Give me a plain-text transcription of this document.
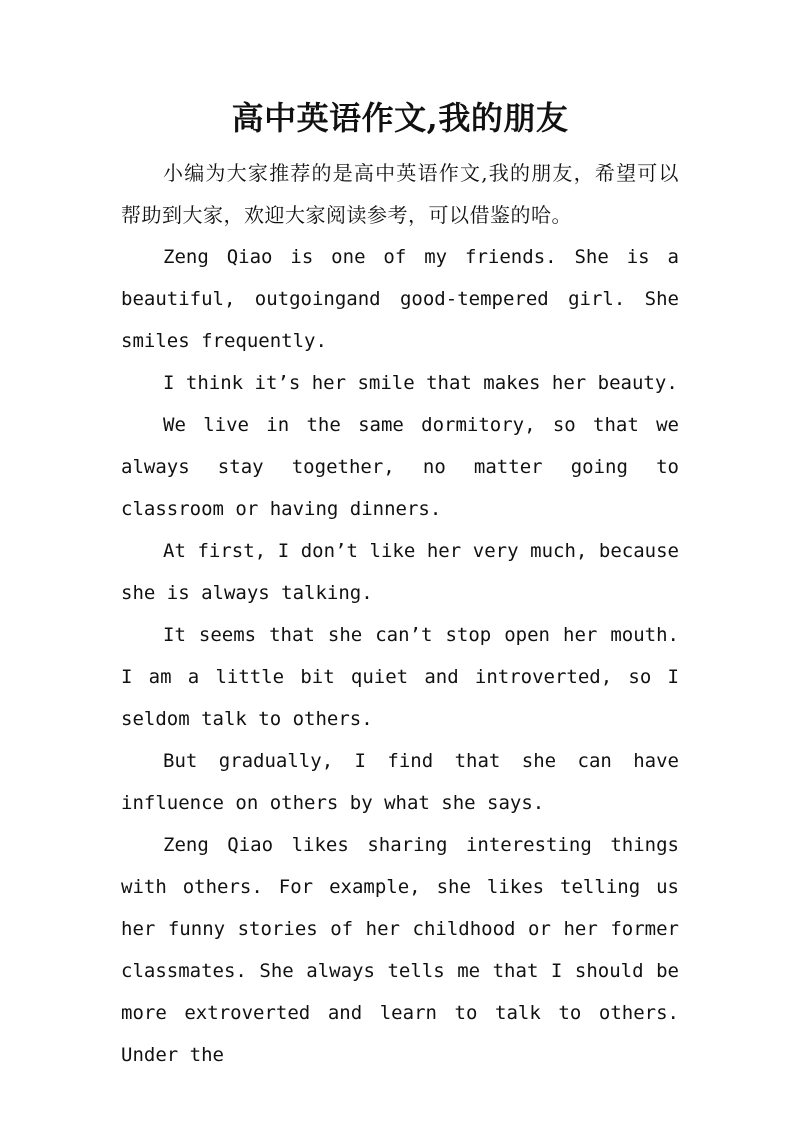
高中英语作文,我的朋友

小编为大家推荐的是高中英语作文,我的朋友，希望可以帮助到大家，欢迎大家阅读参考，可以借鉴的哈。

Zeng Qiao is one of my friends. She is a beautiful, outgoingand good-tempered girl. She smiles frequently.

I think it’s her smile that makes her beauty.

We live in the same dormitory, so that we always stay together, no matter going to classroom or having dinners.

At first, I don’t like her very much, because she is always talking.

It seems that she can’t stop open her mouth. I am a little bit quiet and introverted, so I seldom talk to others.

But gradually, I find that she can have influence on others by what she says.

Zeng Qiao likes sharing interesting things with others. For example, she likes telling us her funny stories of her childhood or her former classmates. She always tells me that I should be more extroverted and learn to talk to others. Under the
